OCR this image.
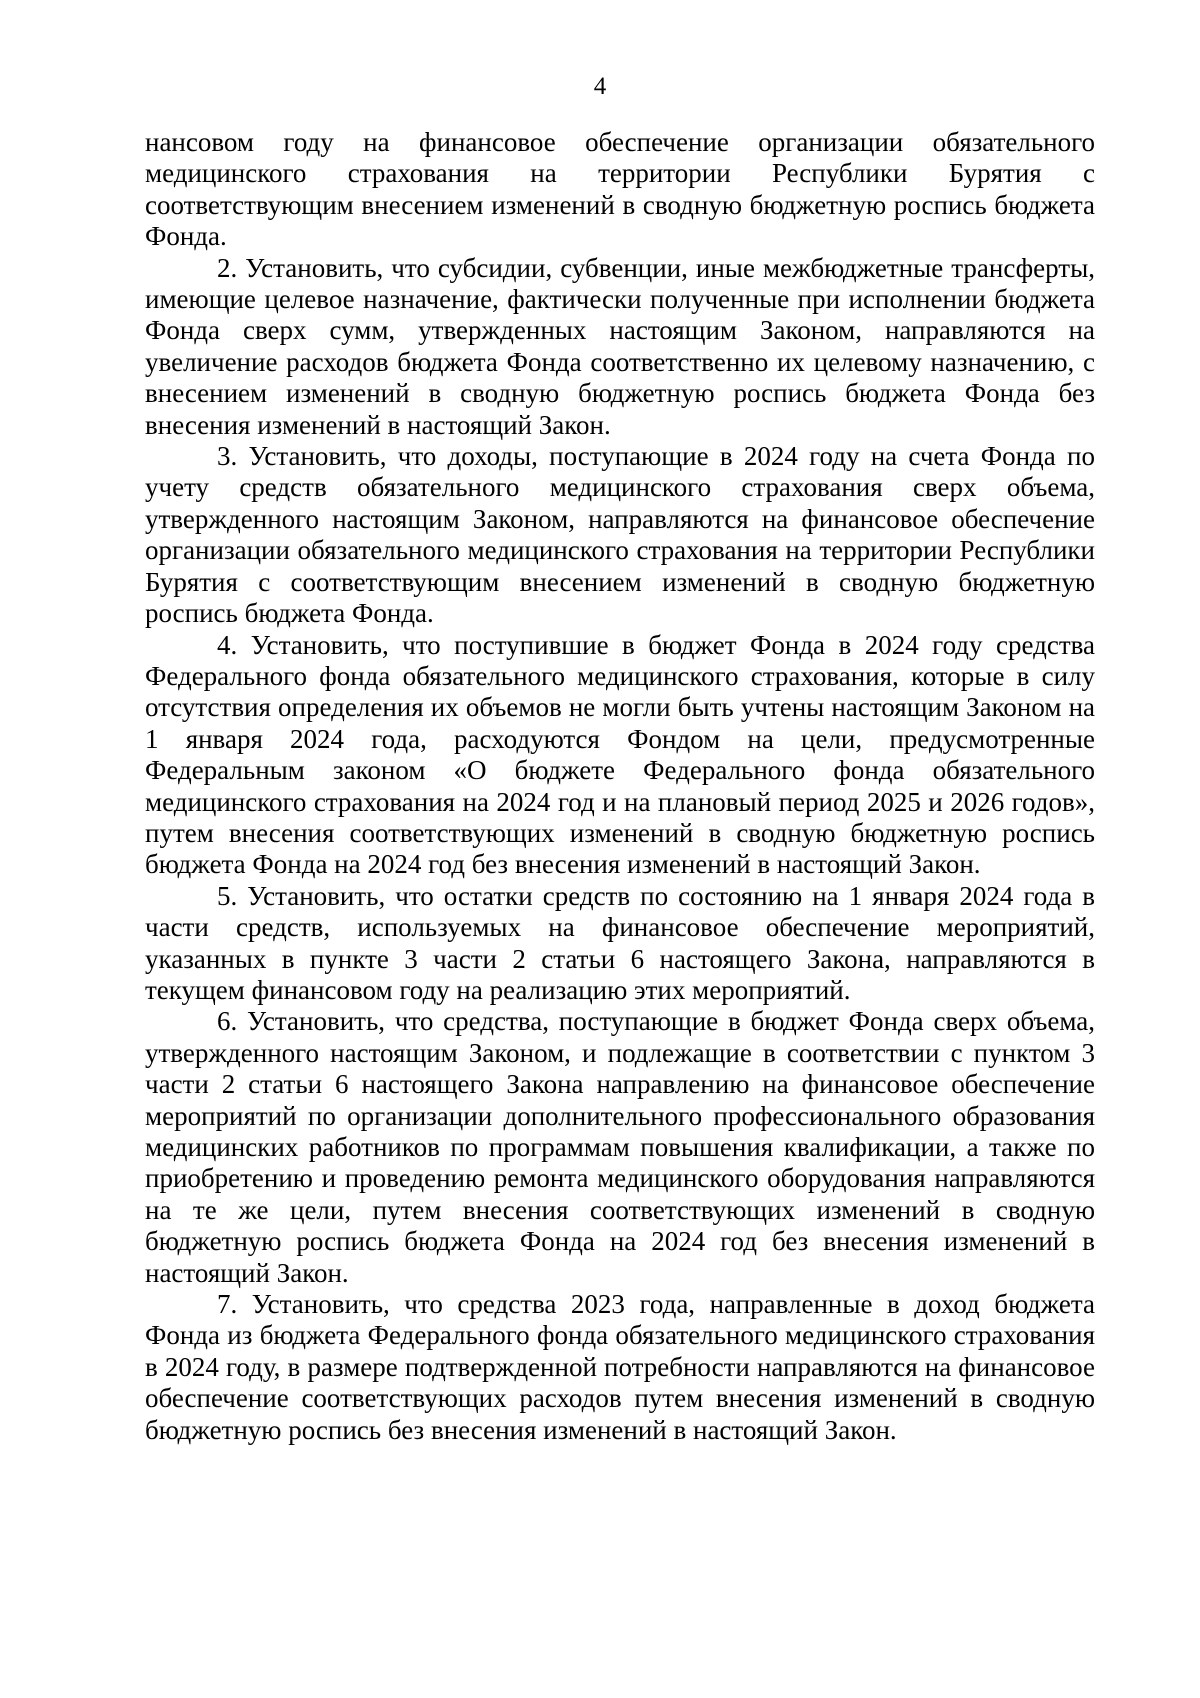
4

нансовом году на финансовое обеспечение организации обязательного медицинского страхования на территории Республики Бурятия с соответствующим внесением изменений в сводную бюджетную роспись бюджета Фонда.

2. Установить, что субсидии, субвенции, иные межбюджетные трансферты, имеющие целевое назначение, фактически полученные при исполнении бюджета Фонда сверх сумм, утвержденных настоящим Законом, направляются на увеличение расходов бюджета Фонда соответственно их целевому назначению, с внесением изменений в сводную бюджетную роспись бюджета Фонда без внесения изменений в настоящий Закон.

3. Установить, что доходы, поступающие в 2024 году на счета Фонда по учету средств обязательного медицинского страхования сверх объема, утвержденного настоящим Законом, направляются на финансовое обеспечение организации обязательного медицинского страхования на территории Республики Бурятия с соответствующим внесением изменений в сводную бюджетную роспись бюджета Фонда.

4. Установить, что поступившие в бюджет Фонда в 2024 году средства Федерального фонда обязательного медицинского страхования, которые в силу отсутствия определения их объемов не могли быть учтены настоящим Законом на 1 января 2024 года, расходуются Фондом на цели, предусмотренные Федеральным законом «О бюджете Федерального фонда обязательного медицинского страхования на 2024 год и на плановый период 2025 и 2026 годов», путем внесения соответствующих изменений в сводную бюджетную роспись бюджета Фонда на 2024 год без внесения изменений в настоящий Закон.

5. Установить, что остатки средств по состоянию на 1 января 2024 года в части средств, используемых на финансовое обеспечение мероприятий, указанных в пункте 3 части 2 статьи 6 настоящего Закона, направляются в текущем финансовом году на реализацию этих мероприятий.

6. Установить, что средства, поступающие в бюджет Фонда сверх объема, утвержденного настоящим Законом, и подлежащие в соответствии с пунктом 3 части 2 статьи 6 настоящего Закона направлению на финансовое обеспечение мероприятий по организации дополнительного профессионального образования медицинских работников по программам повышения квалификации, а также по приобретению и проведению ремонта медицинского оборудования направляются на те же цели, путем внесения соответствующих изменений в сводную бюджетную роспись бюджета Фонда на 2024 год без внесения изменений в настоящий Закон.

7. Установить, что средства 2023 года, направленные в доход бюджета Фонда из бюджета Федерального фонда обязательного медицинского страхования в 2024 году, в размере подтвержденной потребности направляются на финансовое обеспечение соответствующих расходов путем внесения изменений в сводную бюджетную роспись без внесения изменений в настоящий Закон.
